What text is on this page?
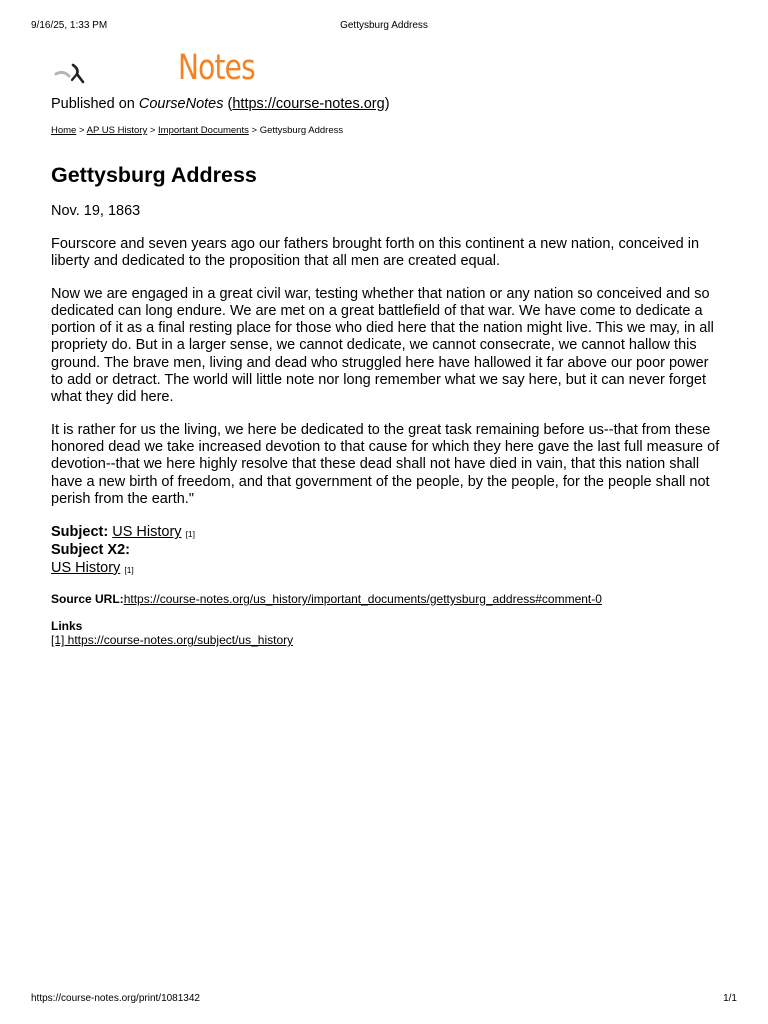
9/16/25, 1:33 PM	Gettysburg Address
Notes
Published on CourseNotes (https://course-notes.org)
Home > AP US History > Important Documents > Gettysburg Address
Gettysburg Address
Nov. 19, 1863

Fourscore and seven years ago our fathers brought forth on this continent a new nation, conceived in liberty and dedicated to the proposition that all men are created equal.

Now we are engaged in a great civil war, testing whether that nation or any nation so conceived and so dedicated can long endure. We are met on a great battlefield of that war. We have come to dedicate a portion of it as a final resting place for those who died here that the nation might live. This we may, in all propriety do. But in a larger sense, we cannot dedicate, we cannot consecrate, we cannot hallow this ground. The brave men, living and dead who struggled here have hallowed it far above our poor power to add or detract. The world will little note nor long remember what we say here, but it can never forget what they did here.

It is rather for us the living, we here be dedicated to the great task remaining before us--that from these honored dead we take increased devotion to that cause for which they here gave the last full measure of devotion--that we here highly resolve that these dead shall not have died in vain, that this nation shall have a new birth of freedom, and that government of the people, by the people, for the people shall not perish from the earth."

Subject: US History [1]
Subject X2:
US History [1]
Source URL:https://course-notes.org/us_history/important_documents/gettysburg_address#comment-0
Links
[1] https://course-notes.org/subject/us_history
https://course-notes.org/print/1081342	1/1
